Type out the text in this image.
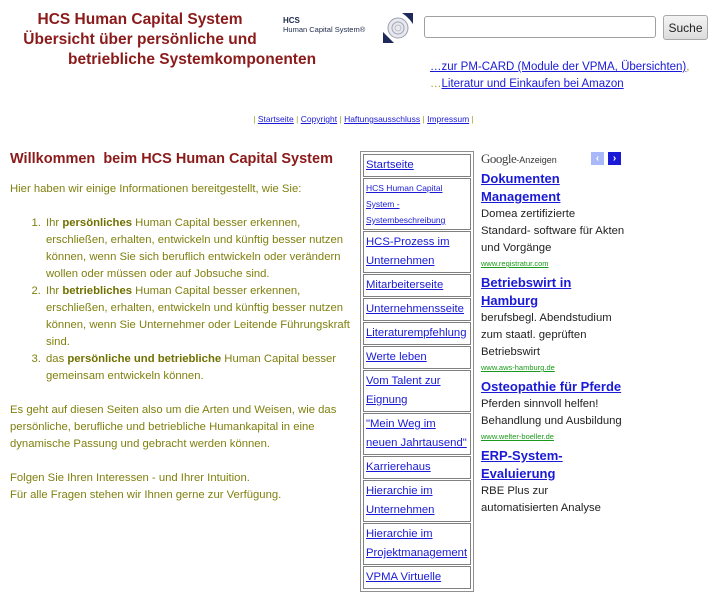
HCS Human Capital System
Übersicht über persönliche und
betriebliche Systemkomponenten
HCS
Human Capital System®	Suche
…zur PM-CARD (Module der VPMA, Übersichten),
…Literatur und Einkaufen bei Amazon
| Startseite | Copyright | Haftungsausschluss | Impressum |
Willkommen  beim HCS Human Capital System

Hier haben wir einige Informationen bereitgestellt, wie Sie:

1. Ihr persönliches Human Capital besser erkennen, erschließen, erhalten, entwickeln und künftig besser nutzen können, wenn Sie sich beruflich entwickeln oder verändern wollen oder müssen oder auf Jobsuche sind.
2. Ihr betriebliches Human Capital besser erkennen, erschließen, erhalten, entwickeln und künftig besser nutzen können, wenn Sie Unternehmer oder Leitende Führungskraft sind.
3. das persönliche und betriebliche Human Capital besser gemeinsam entwickeln können.

Es geht auf diesen Seiten also um die Arten und Weisen, wie das persönliche, berufliche und betriebliche Humankapital in eine dynamische Passung und gebracht werden können.

Folgen Sie Ihren Interessen - und Ihrer Intuition.

Für alle Fragen stehen wir Ihnen gerne zur Verfügung.

Startseite
HCS Human Capital System - Systembeschreibung
HCS-Prozess im Unternehmen
Mitarbeiterseite
Unternehmensseite
Literaturempfehlung
Werte leben
Vom Talent zur Eignung
"Mein Weg im neuen Jahrtausend"
Karrierehaus
Hierarchie im Unternehmen
Hierarchie im Projektmanagement
VPMA Virtuelle
Google-Anzeigen	‹	›
Dokumenten Management
Domea zertifizierte Standard- software für Akten und Vorgänge
www.registratur.com
Betriebswirt in Hamburg
berufsbegl. Abendstudium zum staatl. geprüften Betriebswirt
www.aws-hamburg.de
Osteopathie für Pferde
Pferden sinnvoll helfen! Behandlung und Ausbildung
www.welter-boeller.de
ERP-System-Evaluierung
RBE Plus zur automatisierten Analyse
